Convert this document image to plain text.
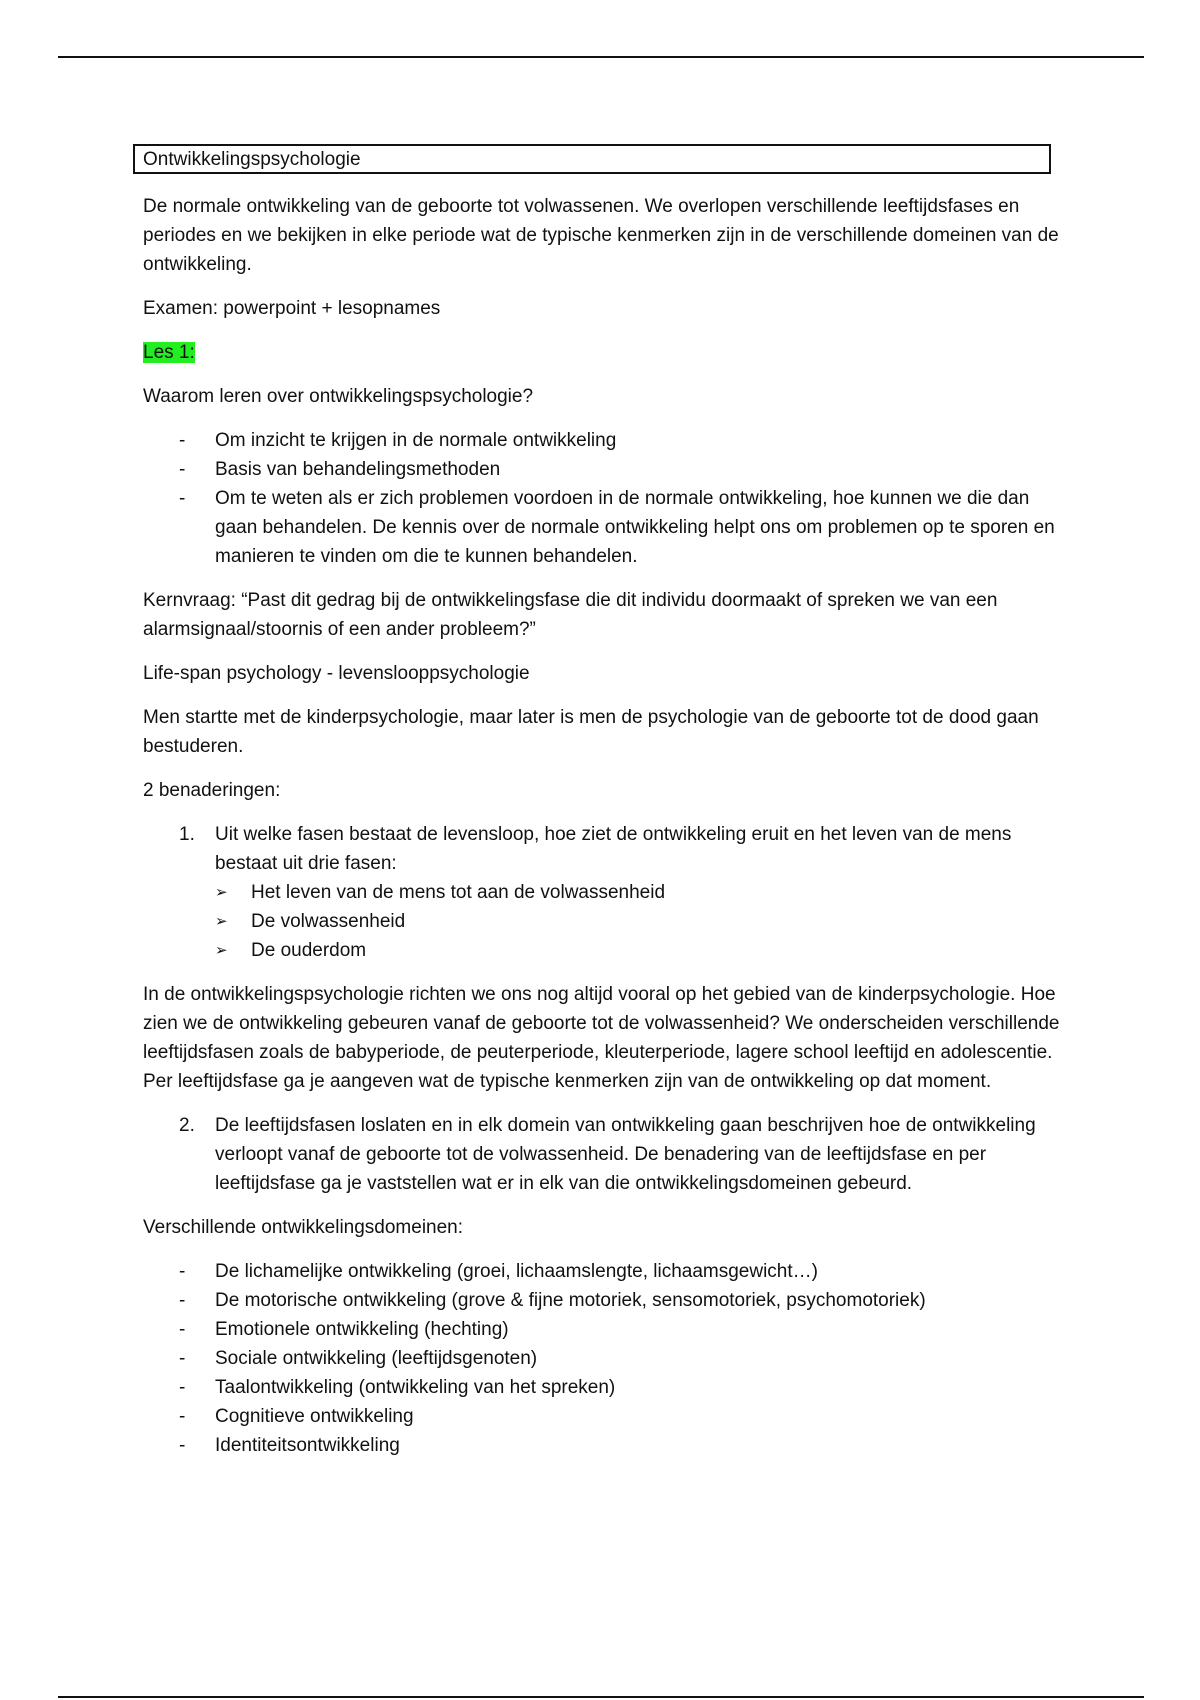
Ontwikkelingspsychologie

De normale ontwikkeling van de geboorte tot volwassenen. We overlopen verschillende leeftijdsfases en periodes en we bekijken in elke periode wat de typische kenmerken zijn in de verschillende domeinen van de ontwikkeling.

Examen: powerpoint + lesopnames

Les 1:

Waarom leren over ontwikkelingspsychologie?

- Om inzicht te krijgen in de normale ontwikkeling
- Basis van behandelingsmethoden
- Om te weten als er zich problemen voordoen in de normale ontwikkeling, hoe kunnen we die dan gaan behandelen. De kennis over de normale ontwikkeling helpt ons om problemen op te sporen en manieren te vinden om die te kunnen behandelen.

Kernvraag: “Past dit gedrag bij de ontwikkelingsfase die dit individu doormaakt of spreken we van een alarmsignaal/stoornis of een ander probleem?”

Life-span psychology - levenslooppsychologie

Men startte met de kinderpsychologie, maar later is men de psychologie van de geboorte tot de dood gaan bestuderen.

2 benaderingen:

1. Uit welke fasen bestaat de levensloop, hoe ziet de ontwikkeling eruit en het leven van de mens bestaat uit drie fasen:
➢ Het leven van de mens tot aan de volwassenheid
➢ De volwassenheid
➢ De ouderdom

In de ontwikkelingspsychologie richten we ons nog altijd vooral op het gebied van de kinderpsychologie. Hoe zien we de ontwikkeling gebeuren vanaf de geboorte tot de volwassenheid? We onderscheiden verschillende leeftijdsfasen zoals de babyperiode, de peuterperiode, kleuterperiode, lagere school leeftijd en adolescentie. Per leeftijdsfase ga je aangeven wat de typische kenmerken zijn van de ontwikkeling op dat moment.

2. De leeftijdsfasen loslaten en in elk domein van ontwikkeling gaan beschrijven hoe de ontwikkeling verloopt vanaf de geboorte tot de volwassenheid. De benadering van de leeftijdsfase en per leeftijdsfase ga je vaststellen wat er in elk van die ontwikkelingsdomeinen gebeurd.

Verschillende ontwikkelingsdomeinen:

- De lichamelijke ontwikkeling (groei, lichaamslengte, lichaamsgewicht…)
- De motorische ontwikkeling (grove & fijne motoriek, sensomotoriek, psychomotoriek)
- Emotionele ontwikkeling (hechting)
- Sociale ontwikkeling (leeftijdsgenoten)
- Taalontwikkeling (ontwikkeling van het spreken)
- Cognitieve ontwikkeling
- Identiteitsontwikkeling
